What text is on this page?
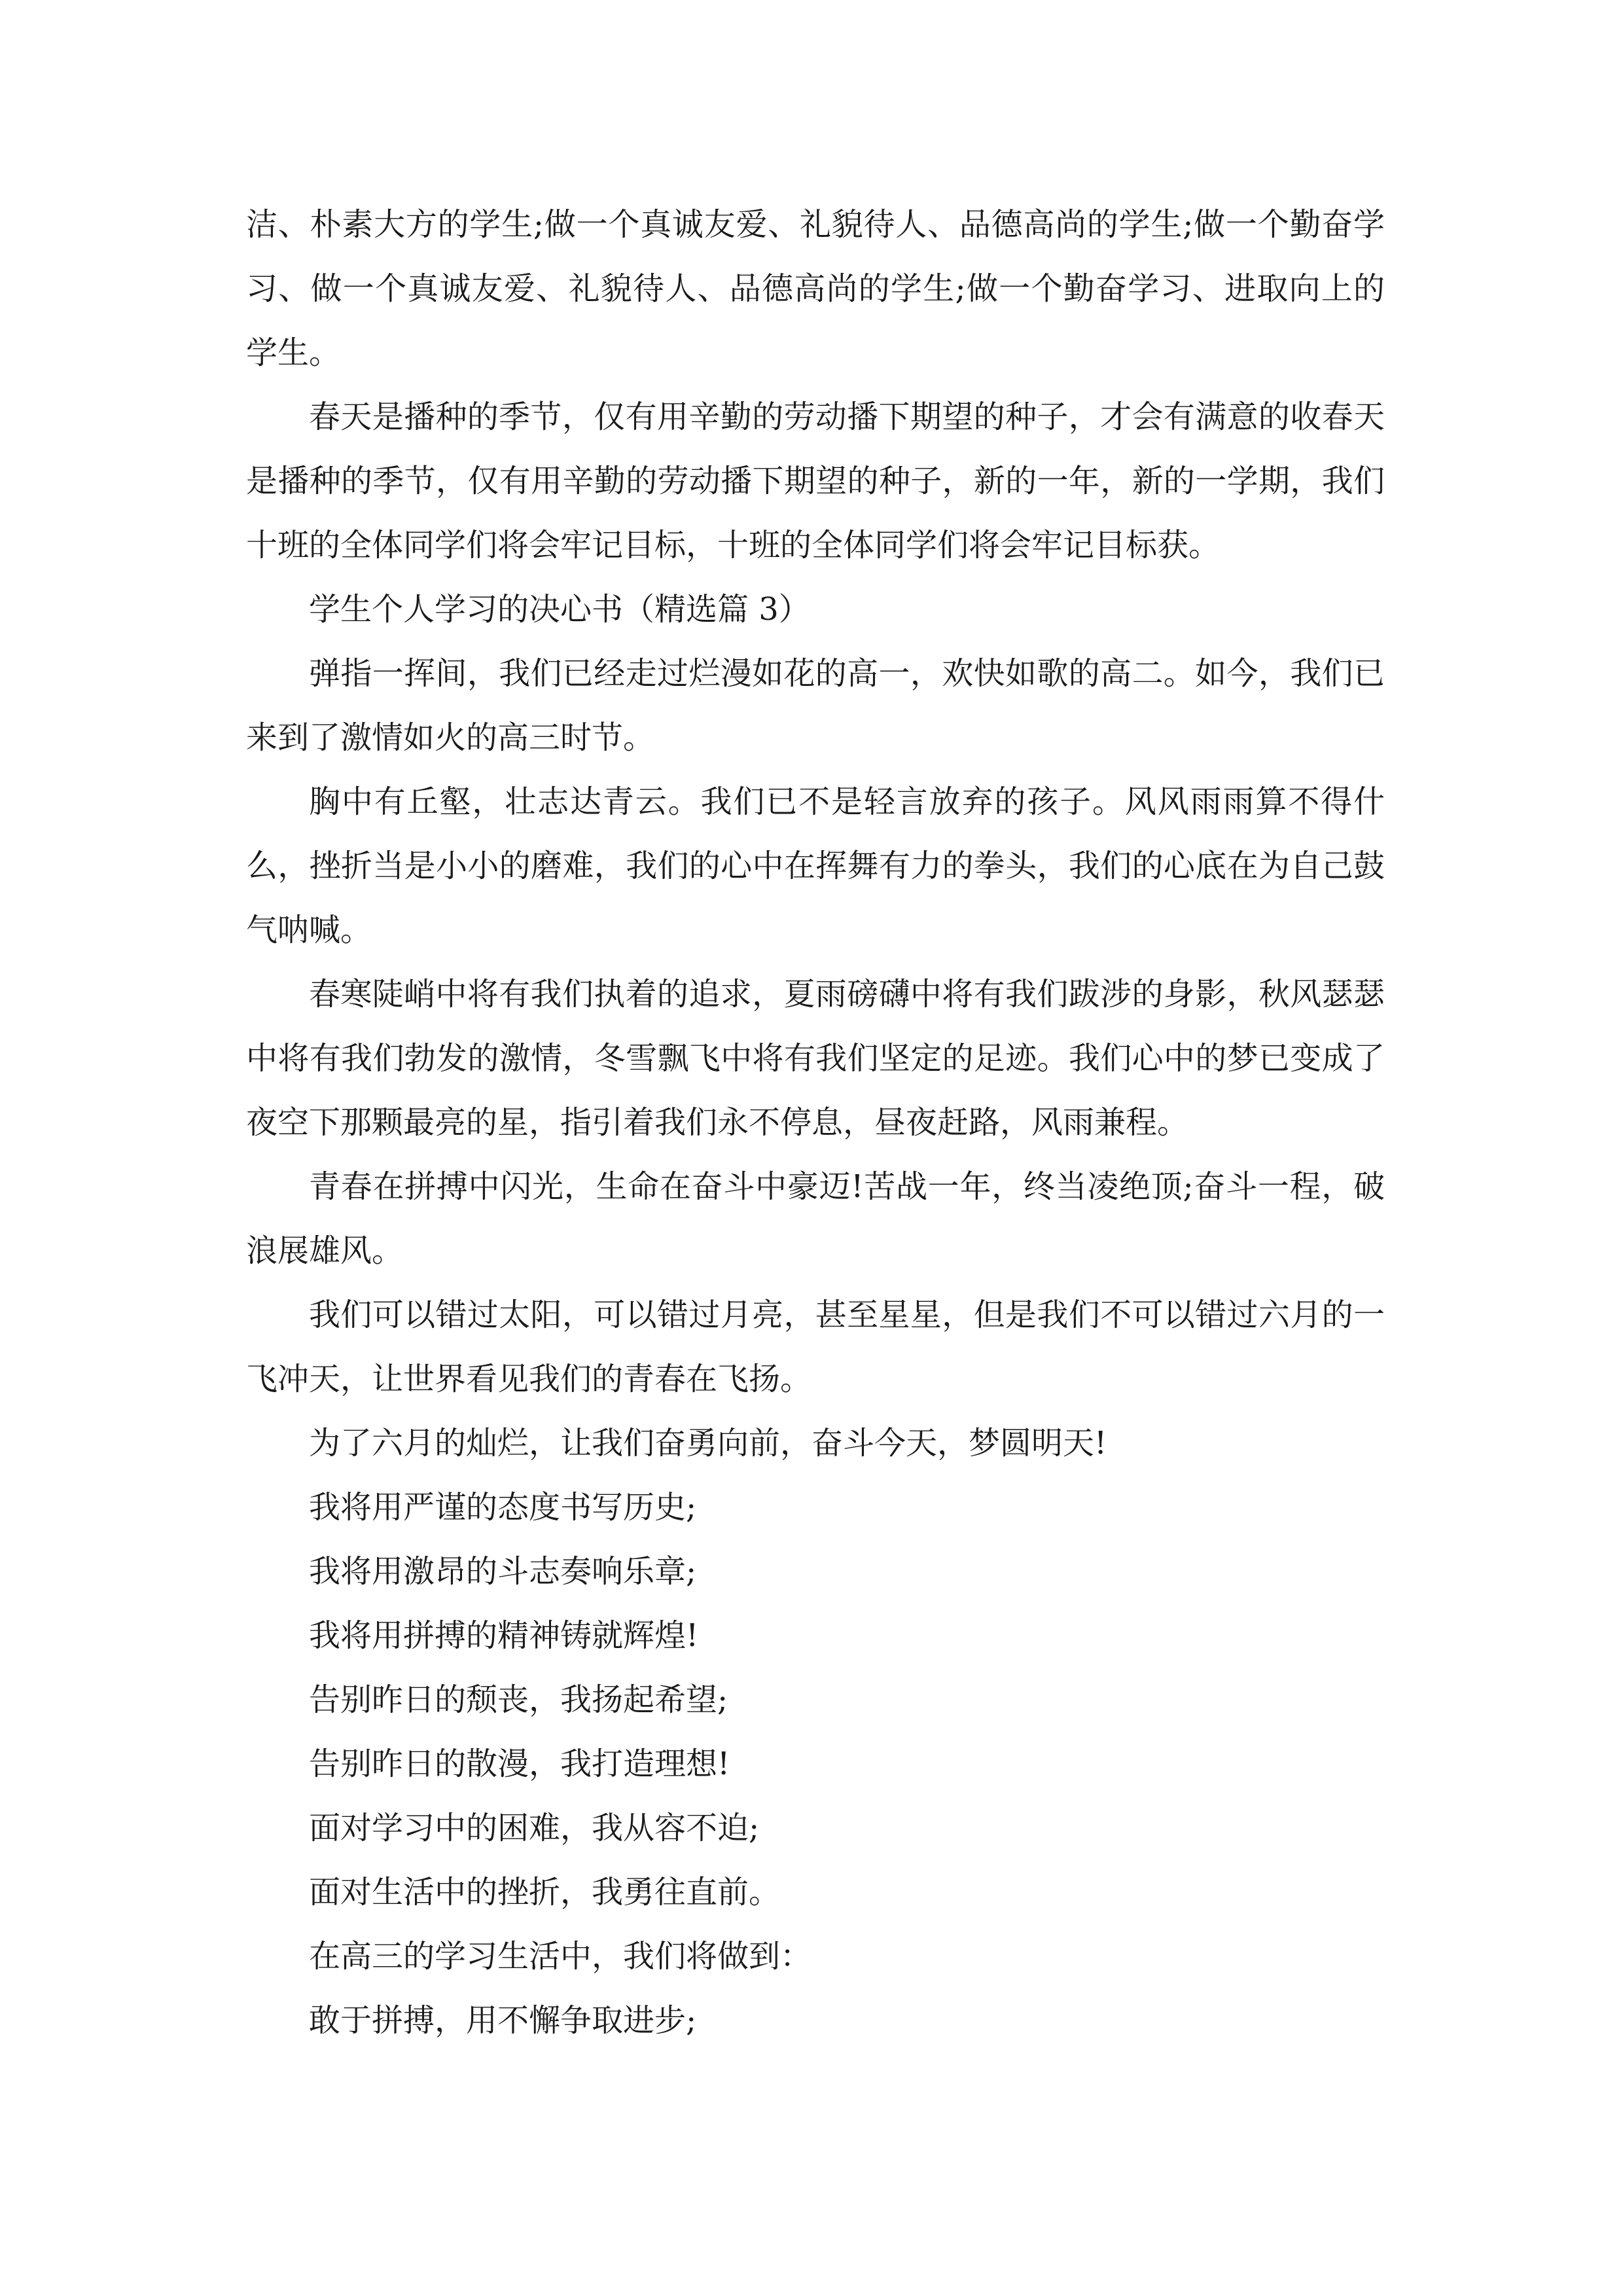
洁、朴素大方的学生;做一个真诚友爱、礼貌待人、品德高尚的学生;做一个勤奋学习、做一个真诚友爱、礼貌待人、品德高尚的学生;做一个勤奋学习、进取向上的学生。

春天是播种的季节，仅有用辛勤的劳动播下期望的种子，才会有满意的收春天是播种的季节，仅有用辛勤的劳动播下期望的种子，新的一年，新的一学期，我们十班的全体同学们将会牢记目标，十班的全体同学们将会牢记目标获。

学生个人学习的决心书（精选篇 3）

弹指一挥间，我们已经走过烂漫如花的高一，欢快如歌的高二。如今，我们已来到了激情如火的高三时节。

胸中有丘壑，壮志达青云。我们已不是轻言放弃的孩子。风风雨雨算不得什么，挫折当是小小的磨难，我们的心中在挥舞有力的拳头，我们的心底在为自己鼓气呐喊。

春寒陡峭中将有我们执着的追求，夏雨磅礴中将有我们跋涉的身影，秋风瑟瑟中将有我们勃发的激情，冬雪飘飞中将有我们坚定的足迹。我们心中的梦已变成了夜空下那颗最亮的星，指引着我们永不停息，昼夜赶路，风雨兼程。

青春在拼搏中闪光，生命在奋斗中豪迈!苦战一年，终当凌绝顶;奋斗一程，破浪展雄风。

我们可以错过太阳，可以错过月亮，甚至星星，但是我们不可以错过六月的一飞冲天，让世界看见我们的青春在飞扬。

为了六月的灿烂，让我们奋勇向前，奋斗今天，梦圆明天!

我将用严谨的态度书写历史;

我将用激昂的斗志奏响乐章;

我将用拼搏的精神铸就辉煌!

告别昨日的颓丧，我扬起希望;

告别昨日的散漫，我打造理想!

面对学习中的困难，我从容不迫;

面对生活中的挫折，我勇往直前。

在高三的学习生活中，我们将做到：

敢于拼搏，用不懈争取进步;
